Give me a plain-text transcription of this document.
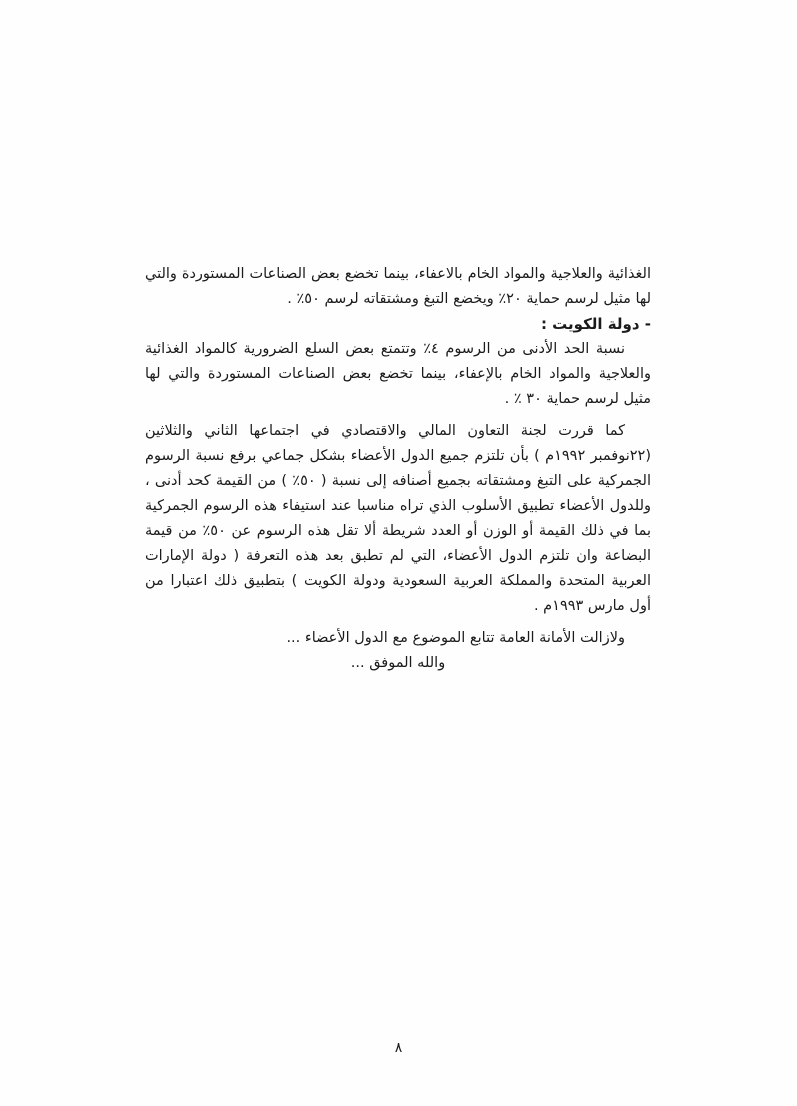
الغذائية والعلاجية والمواد الخام بالاعفاء، بينما تخضع بعض الصناعات المستوردة والتي لها مثيل لرسم حماية ٢٠٪ ويخضع التبغ ومشتقاته لرسم ٥٠٪ .

- دولة الكويت :

نسبة الحد الأدنى من الرسوم ٤٪ وتتمتع بعض السلع الضرورية كالمواد الغذائية والعلاجية والمواد الخام بالإعفاء، بينما تخضع بعض الصناعات المستوردة والتي لها مثيل لرسم حماية ٣٠ ٪ .

كما قررت لجنة التعاون المالي والاقتصادي في اجتماعها الثاني والثلاثين (٢٢نوفمبر ١٩٩٢م ) بأن تلتزم جميع الدول الأعضاء بشكل جماعي برفع نسبة الرسوم الجمركية على التبغ ومشتقاته بجميع أصنافه إلى نسبة ( ٥٠٪ ) من القيمة كحد أدنى ، وللدول الأعضاء تطبيق الأسلوب الذي تراه مناسبا عند استيفاء هذه الرسوم الجمركية بما في ذلك القيمة أو الوزن أو العدد شريطة ألا تقل هذه الرسوم عن ٥٠٪ من قيمة البضاعة وان تلتزم الدول الأعضاء، التي لم تطبق بعد هذه التعرفة ( دولة الإمارات العربية المتحدة والمملكة العربية السعودية ودولة الكويت ) بتطبيق ذلك اعتبارا من أول مارس ١٩٩٣م .

ولازالت الأمانة العامة تتابع الموضوع مع الدول الأعضاء ...

والله الموفق ...

٨
